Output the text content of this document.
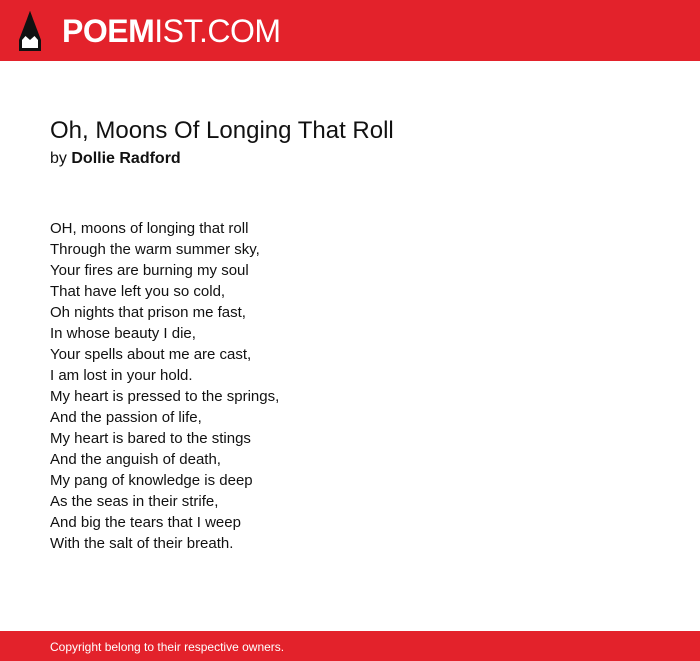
POEMIST.COM
Oh, Moons Of Longing That Roll
by Dollie Radford
OH, moons of longing that roll
Through the warm summer sky,
Your fires are burning my soul
That have left you so cold,
Oh nights that prison me fast,
In whose beauty I die,
Your spells about me are cast,
I am lost in your hold.
My heart is pressed to the springs,
And the passion of life,
My heart is bared to the stings
And the anguish of death,
My pang of knowledge is deep
As the seas in their strife,
And big the tears that I weep
With the salt of their breath.
Copyright belong to their respective owners.
